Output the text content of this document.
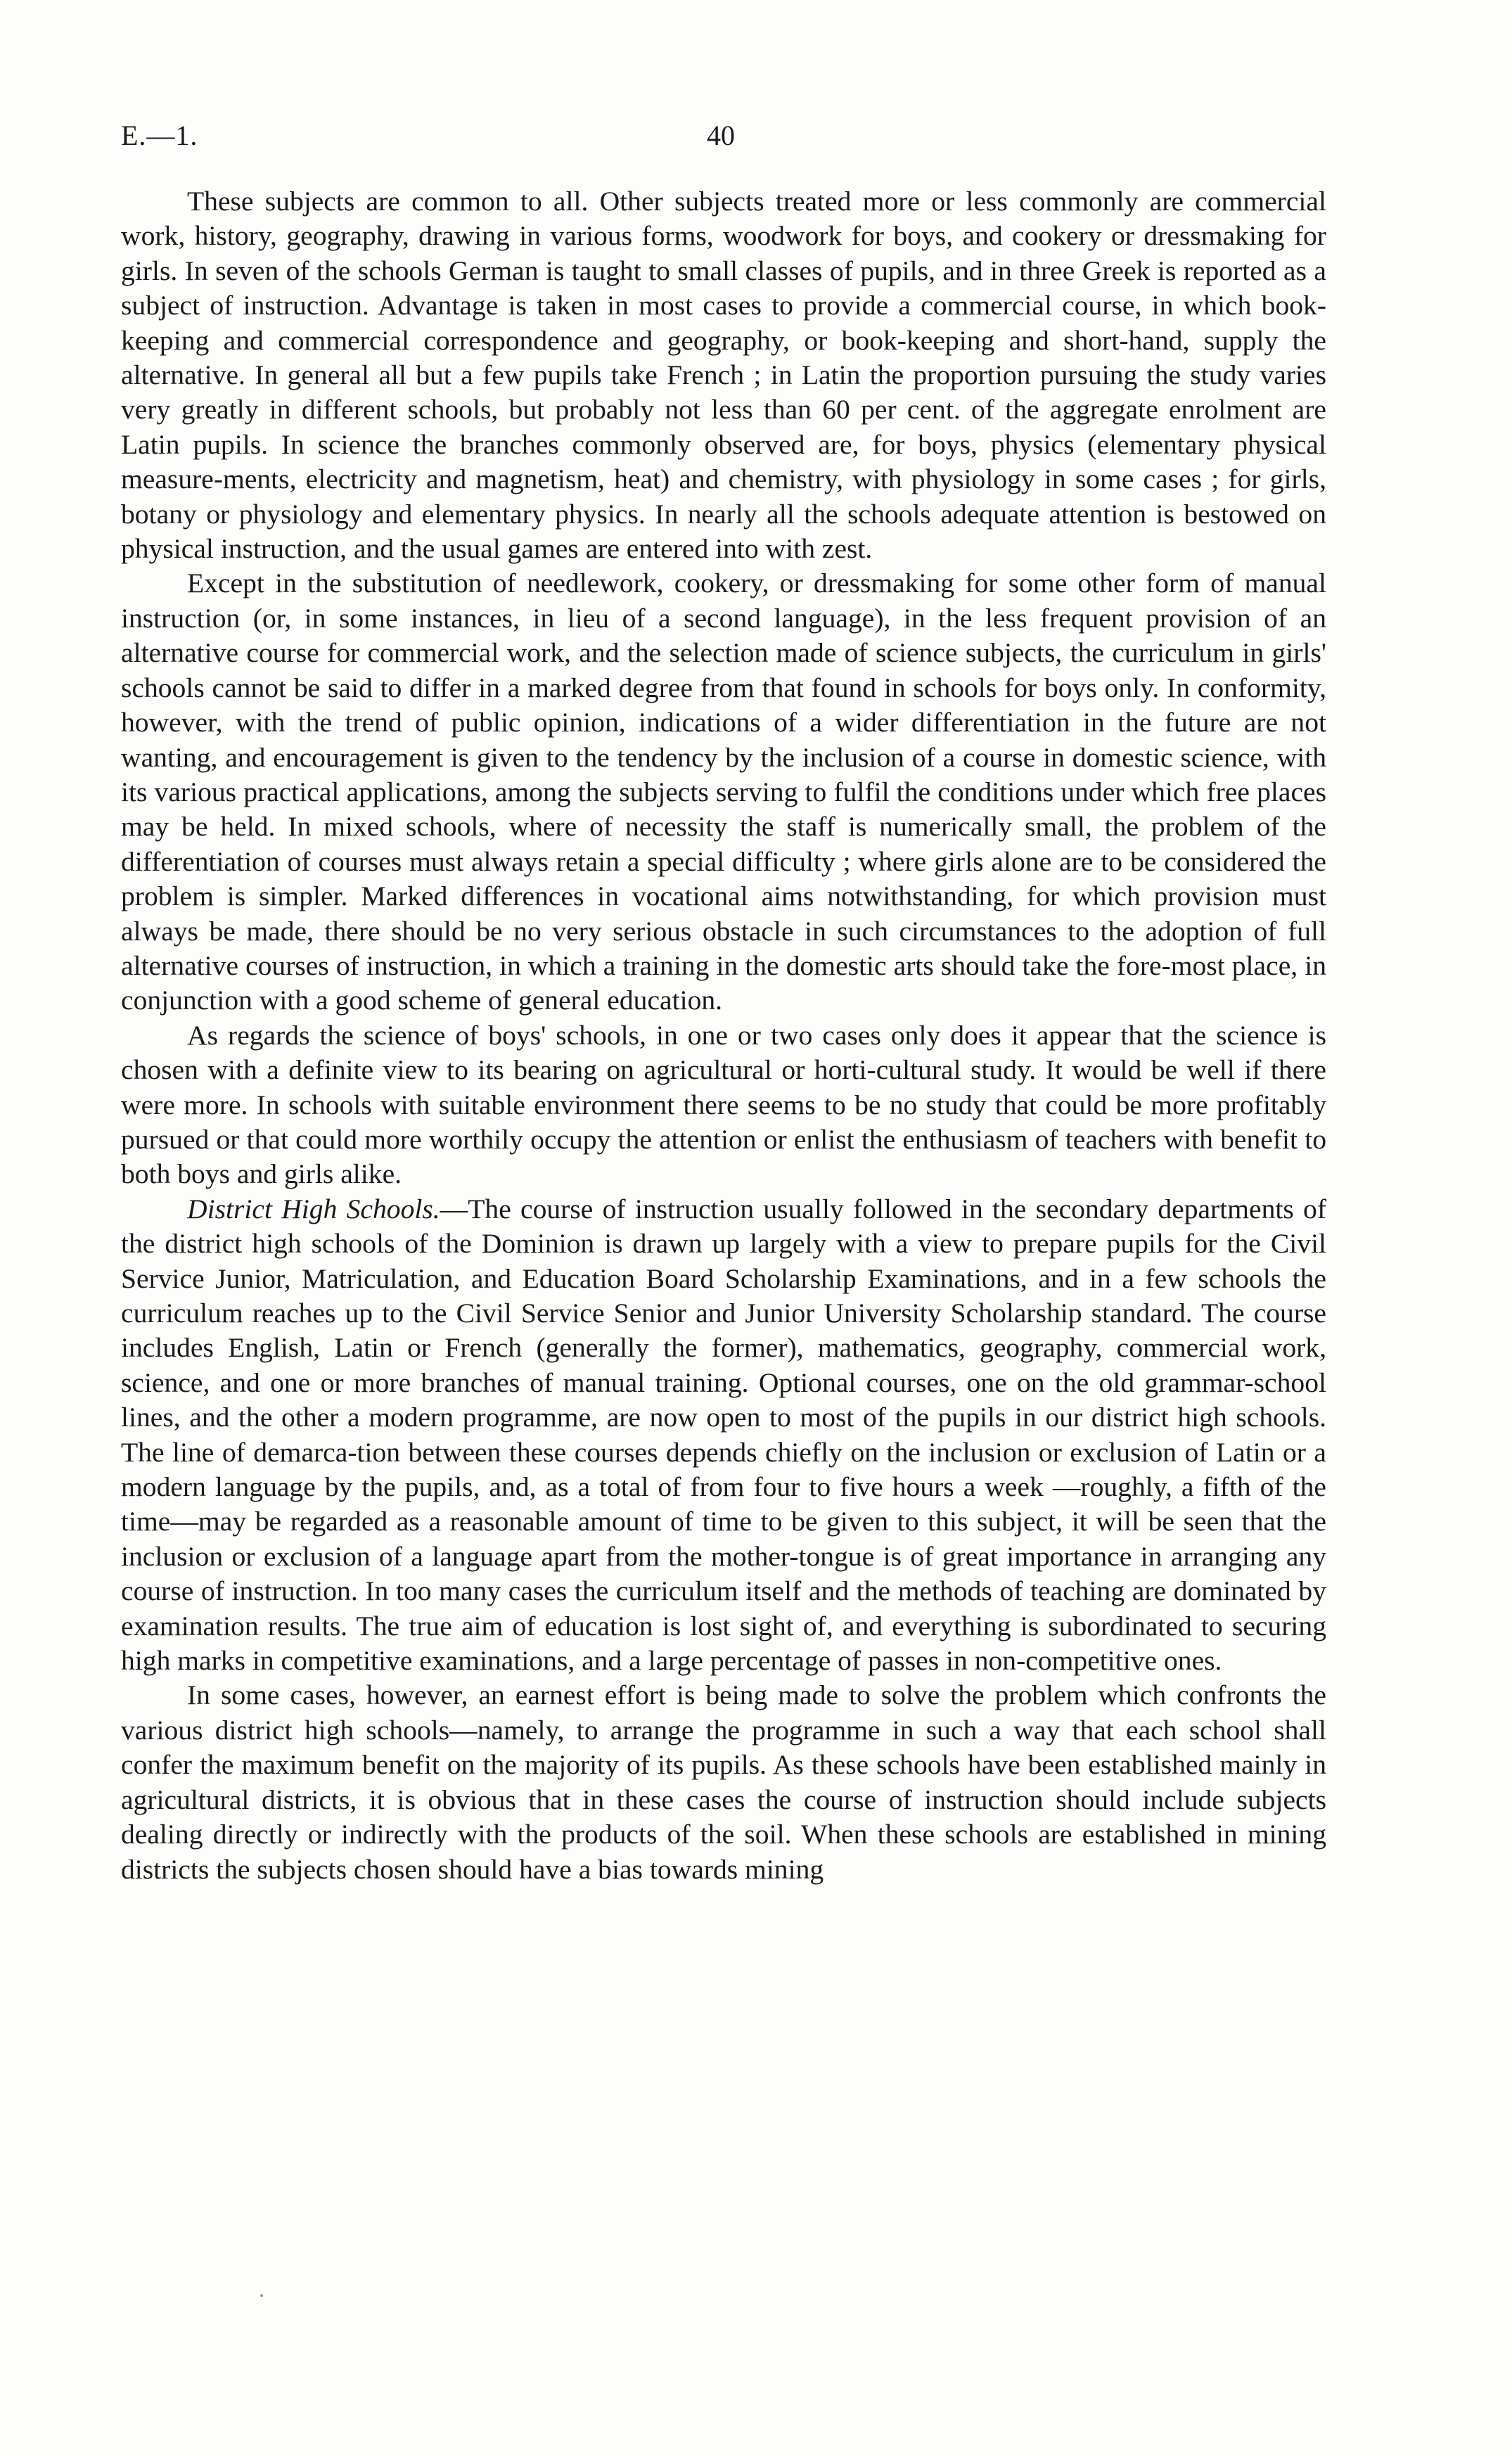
E.—1.	40

These subjects are common to all. Other subjects treated more or less commonly are commercial work, history, geography, drawing in various forms, woodwork for boys, and cookery or dressmaking for girls. In seven of the schools German is taught to small classes of pupils, and in three Greek is reported as a subject of instruction. Advantage is taken in most cases to provide a commercial course, in which book-keeping and commercial correspondence and geography, or book-keeping and short-hand, supply the alternative. In general all but a few pupils take French ; in Latin the proportion pursuing the study varies very greatly in different schools, but probably not less than 60 per cent. of the aggregate enrolment are Latin pupils. In science the branches commonly observed are, for boys, physics (elementary physical measure-ments, electricity and magnetism, heat) and chemistry, with physiology in some cases ; for girls, botany or physiology and elementary physics. In nearly all the schools adequate attention is bestowed on physical instruction, and the usual games are entered into with zest.

Except in the substitution of needlework, cookery, or dressmaking for some other form of manual instruction (or, in some instances, in lieu of a second language), in the less frequent provision of an alternative course for commercial work, and the selection made of science subjects, the curriculum in girls' schools cannot be said to differ in a marked degree from that found in schools for boys only. In conformity, however, with the trend of public opinion, indications of a wider differentiation in the future are not wanting, and encouragement is given to the tendency by the inclusion of a course in domestic science, with its various practical applications, among the subjects serving to fulfil the conditions under which free places may be held. In mixed schools, where of necessity the staff is numerically small, the problem of the differentiation of courses must always retain a special difficulty ; where girls alone are to be considered the problem is simpler. Marked differences in vocational aims notwithstanding, for which provision must always be made, there should be no very serious obstacle in such circumstances to the adoption of full alternative courses of instruction, in which a training in the domestic arts should take the fore-most place, in conjunction with a good scheme of general education.

As regards the science of boys' schools, in one or two cases only does it appear that the science is chosen with a definite view to its bearing on agricultural or horti-cultural study. It would be well if there were more. In schools with suitable environment there seems to be no study that could be more profitably pursued or that could more worthily occupy the attention or enlist the enthusiasm of teachers with benefit to both boys and girls alike.

District High Schools.—The course of instruction usually followed in the secondary departments of the district high schools of the Dominion is drawn up largely with a view to prepare pupils for the Civil Service Junior, Matriculation, and Education Board Scholarship Examinations, and in a few schools the curriculum reaches up to the Civil Service Senior and Junior University Scholarship standard. The course includes English, Latin or French (generally the former), mathematics, geography, commercial work, science, and one or more branches of manual training. Optional courses, one on the old grammar-school lines, and the other a modern programme, are now open to most of the pupils in our district high schools. The line of demarca-tion between these courses depends chiefly on the inclusion or exclusion of Latin or a modern language by the pupils, and, as a total of from four to five hours a week —roughly, a fifth of the time—may be regarded as a reasonable amount of time to be given to this subject, it will be seen that the inclusion or exclusion of a language apart from the mother-tongue is of great importance in arranging any course of instruction. In too many cases the curriculum itself and the methods of teaching are dominated by examination results. The true aim of education is lost sight of, and everything is subordinated to securing high marks in competitive examinations, and a large percentage of passes in non-competitive ones.

In some cases, however, an earnest effort is being made to solve the problem which confronts the various district high schools—namely, to arrange the programme in such a way that each school shall confer the maximum benefit on the majority of its pupils. As these schools have been established mainly in agricultural districts, it is obvious that in these cases the course of instruction should include subjects dealing directly or indirectly with the products of the soil. When these schools are established in mining districts the subjects chosen should have a bias towards mining
